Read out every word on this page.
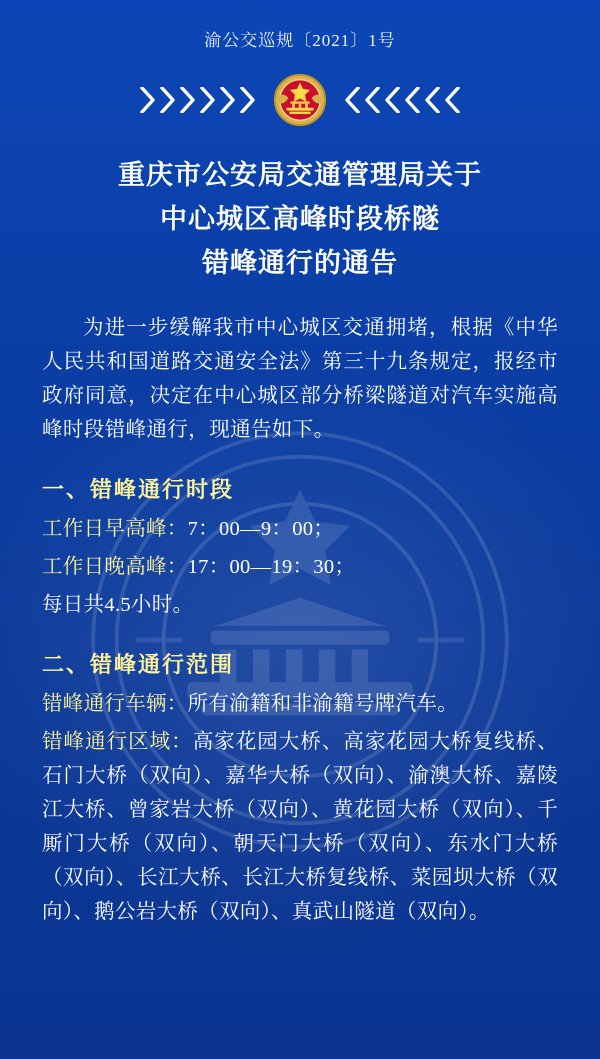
渝公交巡规〔2021〕1号
重庆市公安局交通管理局关于
中心城区高峰时段桥隧
错峰通行的通告
为进一步缓解我市中心城区交通拥堵，根据《中华人民共和国道路交通安全法》第三十九条规定，报经市政府同意，决定在中心城区部分桥梁隧道对汽车实施高峰时段错峰通行，现通告如下。
一、错峰通行时段
工作日早高峰：7：00—9：00；
工作日晚高峰：17：00—19：30；
每日共4.5小时。
二、错峰通行范围
错峰通行车辆：所有渝籍和非渝籍号牌汽车。
错峰通行区域：高家花园大桥、高家花园大桥复线桥、石门大桥（双向）、嘉华大桥（双向）、渝澳大桥、嘉陵江大桥、曾家岩大桥（双向）、黄花园大桥（双向）、千厮门大桥（双向）、朝天门大桥（双向）、东水门大桥（双向）、长江大桥、长江大桥复线桥、菜园坝大桥（双向）、鹅公岩大桥（双向）、真武山隧道（双向）。
